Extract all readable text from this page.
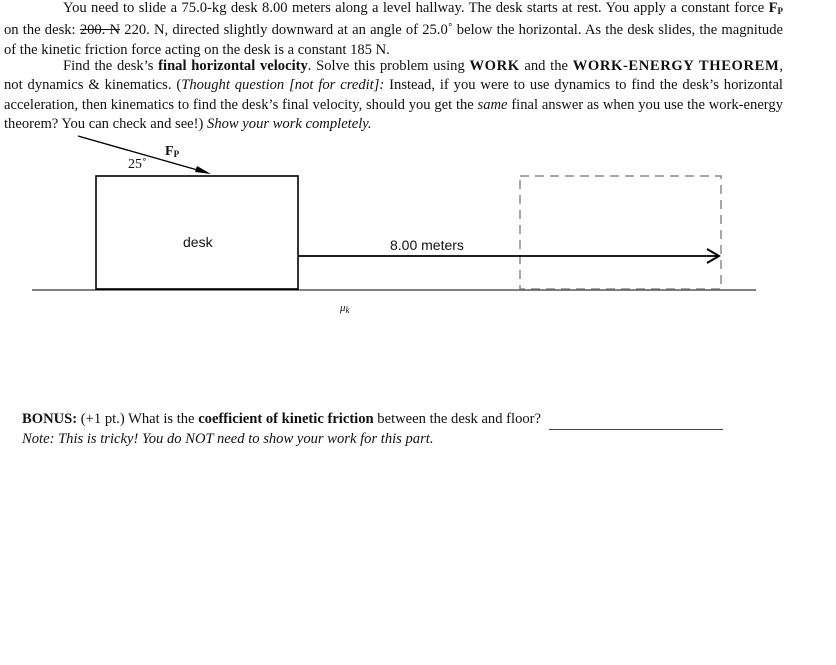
You need to slide a 75.0-kg desk 8.00 meters along a level hallway. The desk starts at rest. You apply a constant force $F_P$ on the desk: 200. N 220. N, directed slightly downward at an angle of 25.0˚ below the horizontal. As the desk slides, the magnitude of the kinetic friction force acting on the desk is a constant 185 N.
Find the desk’s final horizontal velocity. Solve this problem using WORK and the WORK-ENERGY THEOREM, not dynamics & kinematics. (Thought question [not for credit]: Instead, if you were to use dynamics to find the desk’s horizontal acceleration, then kinematics to find the desk’s final velocity, should you get the same final answer as when you use the work-energy theorem? You can check and see!) Show your work completely.
$F_P$
25˚
desk	8.00 meters
$\mu_k$
BONUS: (+1 pt.) What is the coefficient of kinetic friction between the desk and floor?
Note: This is tricky! You do NOT need to show your work for this part.
